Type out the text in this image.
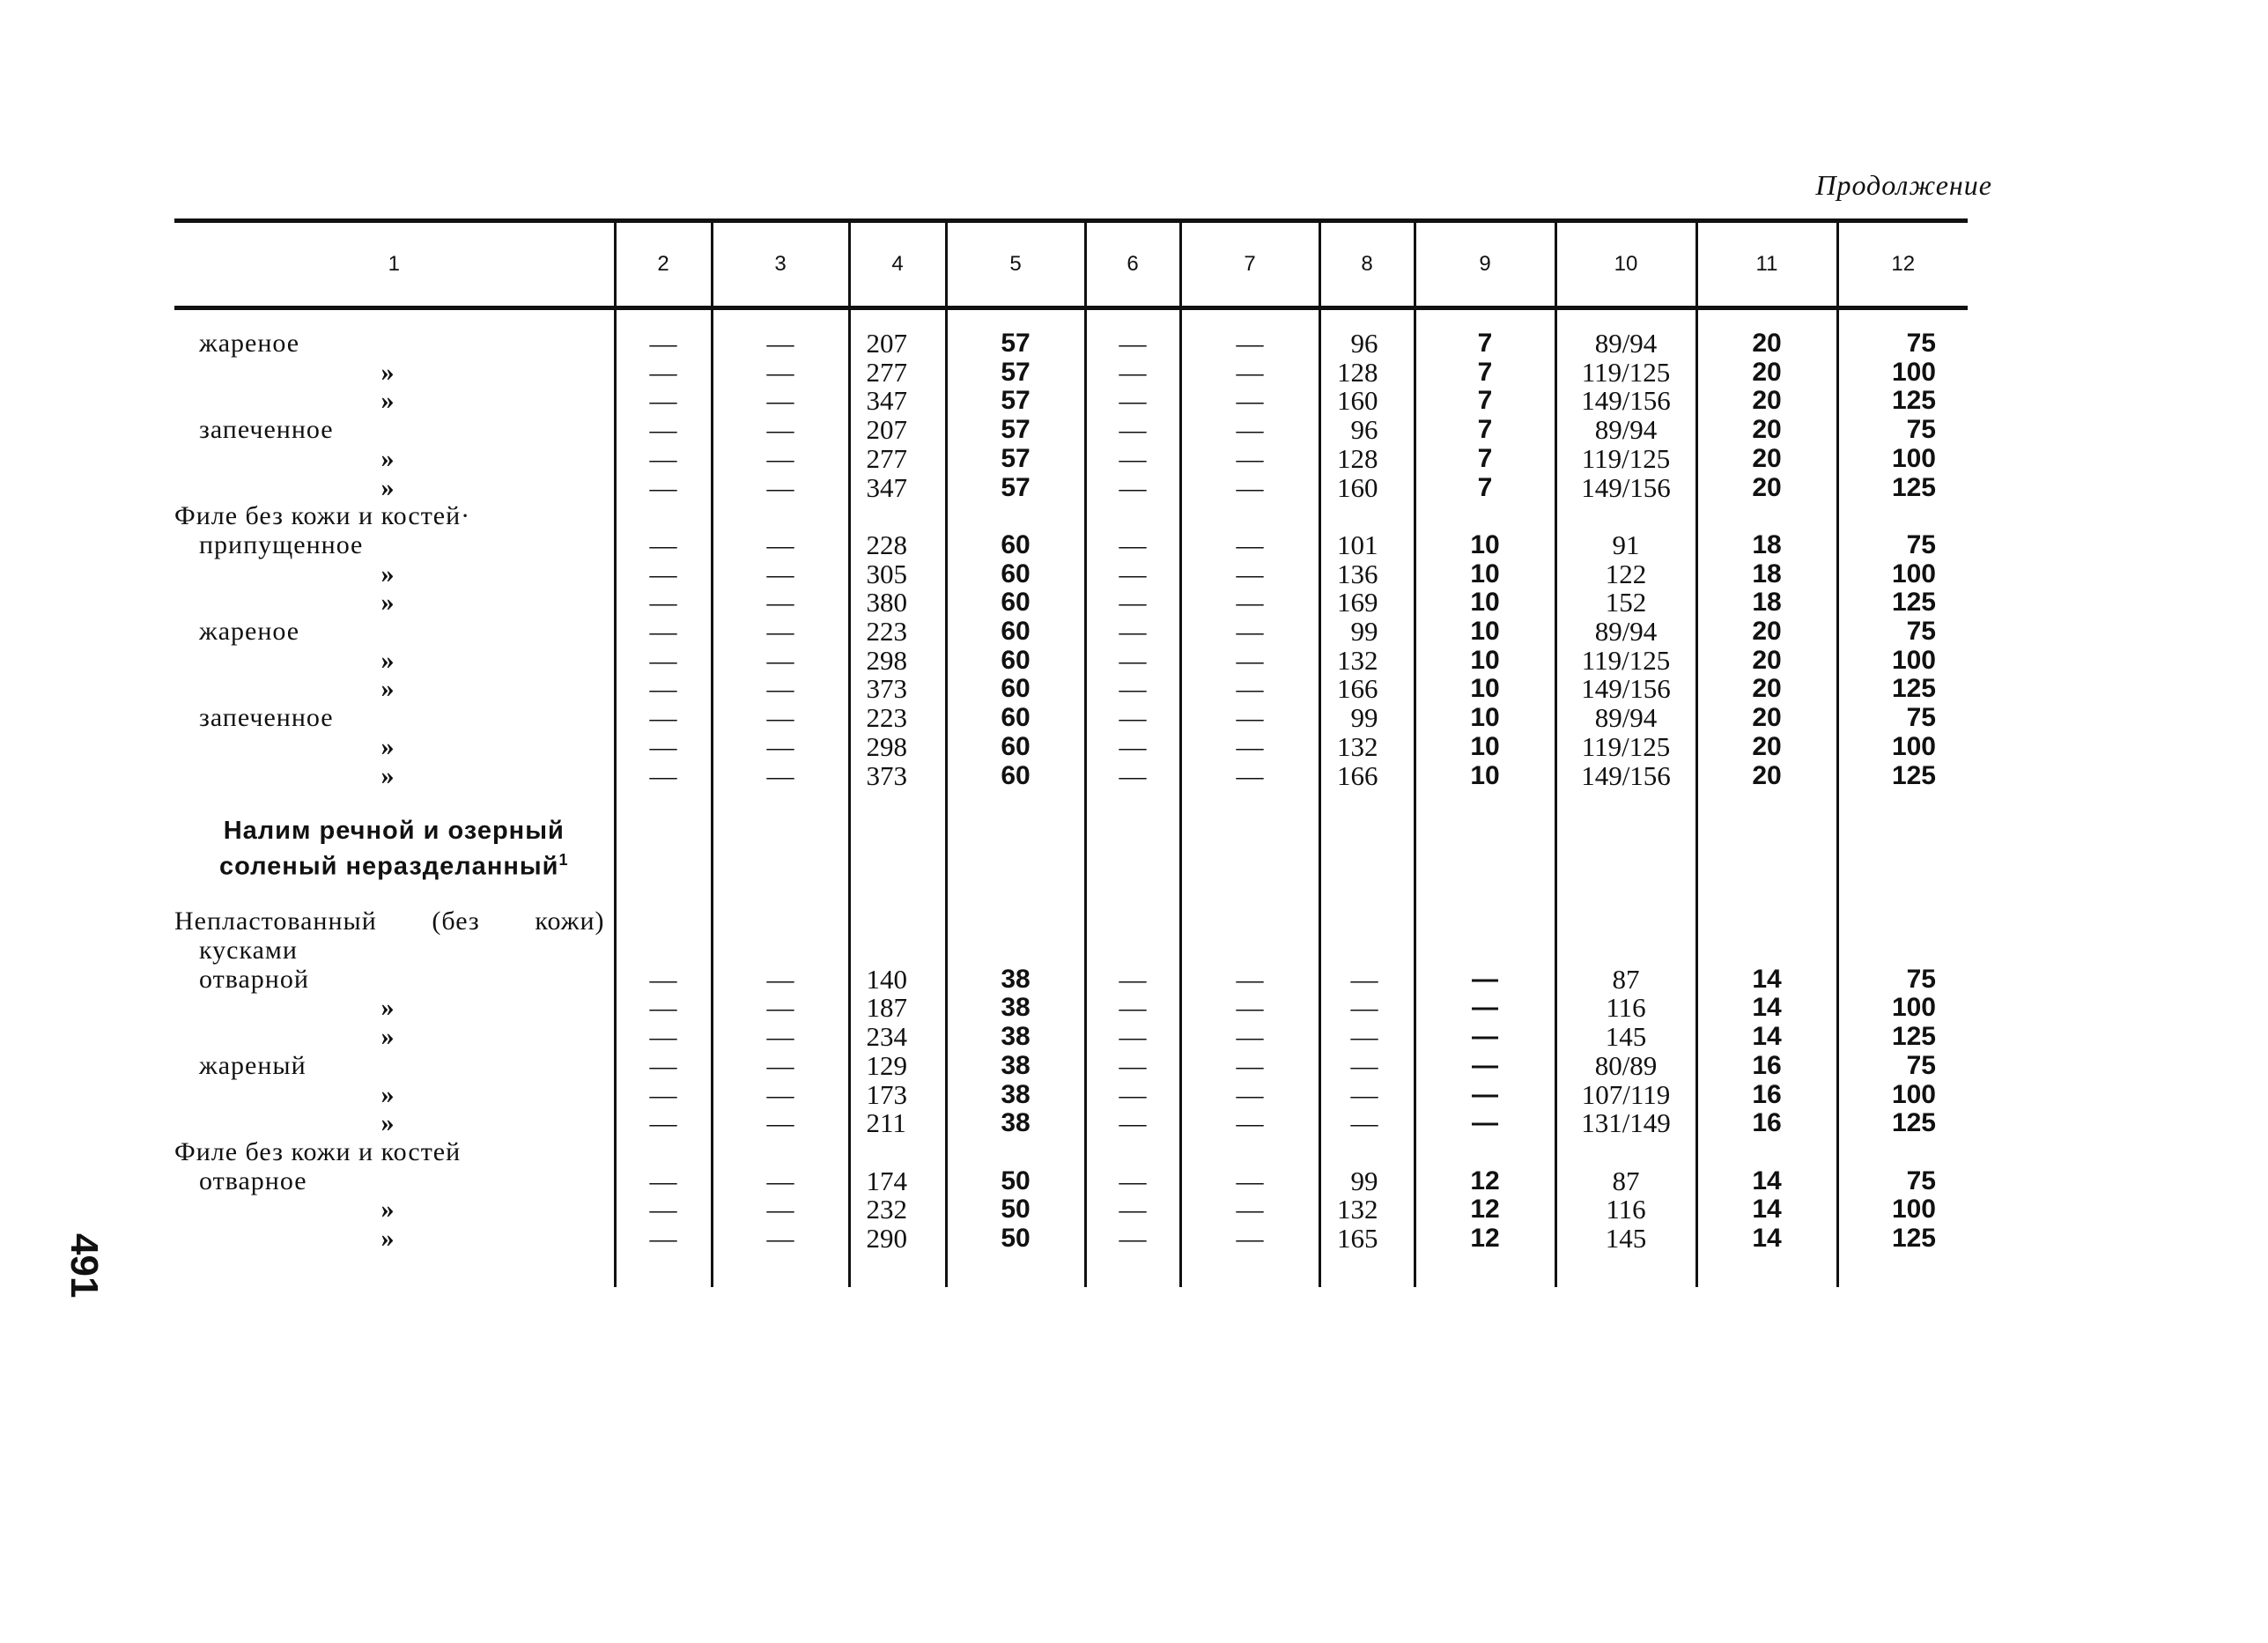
Продолжение
491
1	2	3	4	5	6	7	8	9	10	11	12

жареное	—	—	207	57	—	—	96	7	89/94	20	75
»	—	—	277	57	—	—	128	7	119/125	20	100
»	—	—	347	57	—	—	160	7	149/156	20	125
запеченное	—	—	207	57	—	—	96	7	89/94	20	75
»	—	—	277	57	—	—	128	7	119/125	20	100
»	—	—	347	57	—	—	160	7	149/156	20	125
Филе без кожи и костей·											
припущенное	—	—	228	60	—	—	101	10	91	18	75
»	—	—	305	60	—	—	136	10	122	18	100
»	—	—	380	60	—	—	169	10	152	18	125
жареное	—	—	223	60	—	—	99	10	89/94	20	75
»	—	—	298	60	—	—	132	10	119/125	20	100
»	—	—	373	60	—	—	166	10	149/156	20	125
запеченное	—	—	223	60	—	—	99	10	89/94	20	75
»	—	—	298	60	—	—	132	10	119/125	20	100
»	—	—	373	60	—	—	166	10	149/156	20	125

Налим речной и озерный											
соленый неразделанный$^1$											

Непластованный (без кожи)											

кусками											
отварной	—	—	140	38	—	—	—	—	87	14	75
»	—	—	187	38	—	—	—	—	116	14	100
»	—	—	234	38	—	—	—	—	145	14	125
жареный	—	—	129	38	—	—	—	—	80/89	16	75
»	—	—	173	38	—	—	—	—	107/119	16	100
»	—	—	211	38	—	—	—	—	131/149	16	125
Филе без кожи и костей											
отварное	—	—	174	50	—	—	99	12	87	14	75
»	—	—	232	50	—	—	132	12	116	14	100
»	—	—	290	50	—	—	165	12	145	14	125
